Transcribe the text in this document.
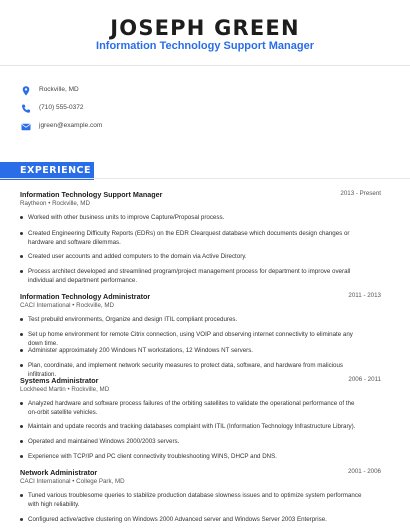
JOSEPH GREEN
Information Technology Support Manager
Rockville, MD
(710) 555-0372
jgreen@example.com
EXPERIENCE
Information Technology Support Manager	2013 - Present
Raytheon • Rockville, MD
Worked with other business units to improve Capture/Proposal process.
Created Engineering Difficulty Reports (EDRs) on the EDR Clearquest database which documents design changes or hardware and software dilemmas.
Created user accounts and added computers to the domain via Active Directory.
Process architect developed and streamlined program/project management process for department to improve overall individual and department performance.
Information Technology Administrator	2011 - 2013
CACI International • Rockville, MD
Test prebuild environments, Organize and design ITIL compliant procedures.
Set up home environment for remote Citrix connection, using VOIP and observing internet connectivity to eliminate any down time.
Administer approximately 200 Windows NT workstations, 12 Windows NT servers.
Plan, coordinate, and implement network security measures to protect data, software, and hardware from malicious infiltration.
Systems Administrator	2006 - 2011
Lockheed Martin • Rockville, MD
Analyzed hardware and software process failures of the orbiting satellites to validate the operational performance of the on-orbit satellite vehicles.
Maintain and update records and tracking databases complaint with ITIL (Information Technology Infrastructure Library).
Operated and maintained Windows 2000/2003 servers.
Experience with TCP/IP and PC client connectivity troubleshooting WINS, DHCP and DNS.
Network Administrator	2001 - 2006
CACI International • College Park, MD
Tuned various troublesome queries to stabilize production database slowness issues and to optimize system performance with high reliability.
Configured active/active clustering on Windows 2000 Advanced server and Windows Server 2003 Enterprise.
